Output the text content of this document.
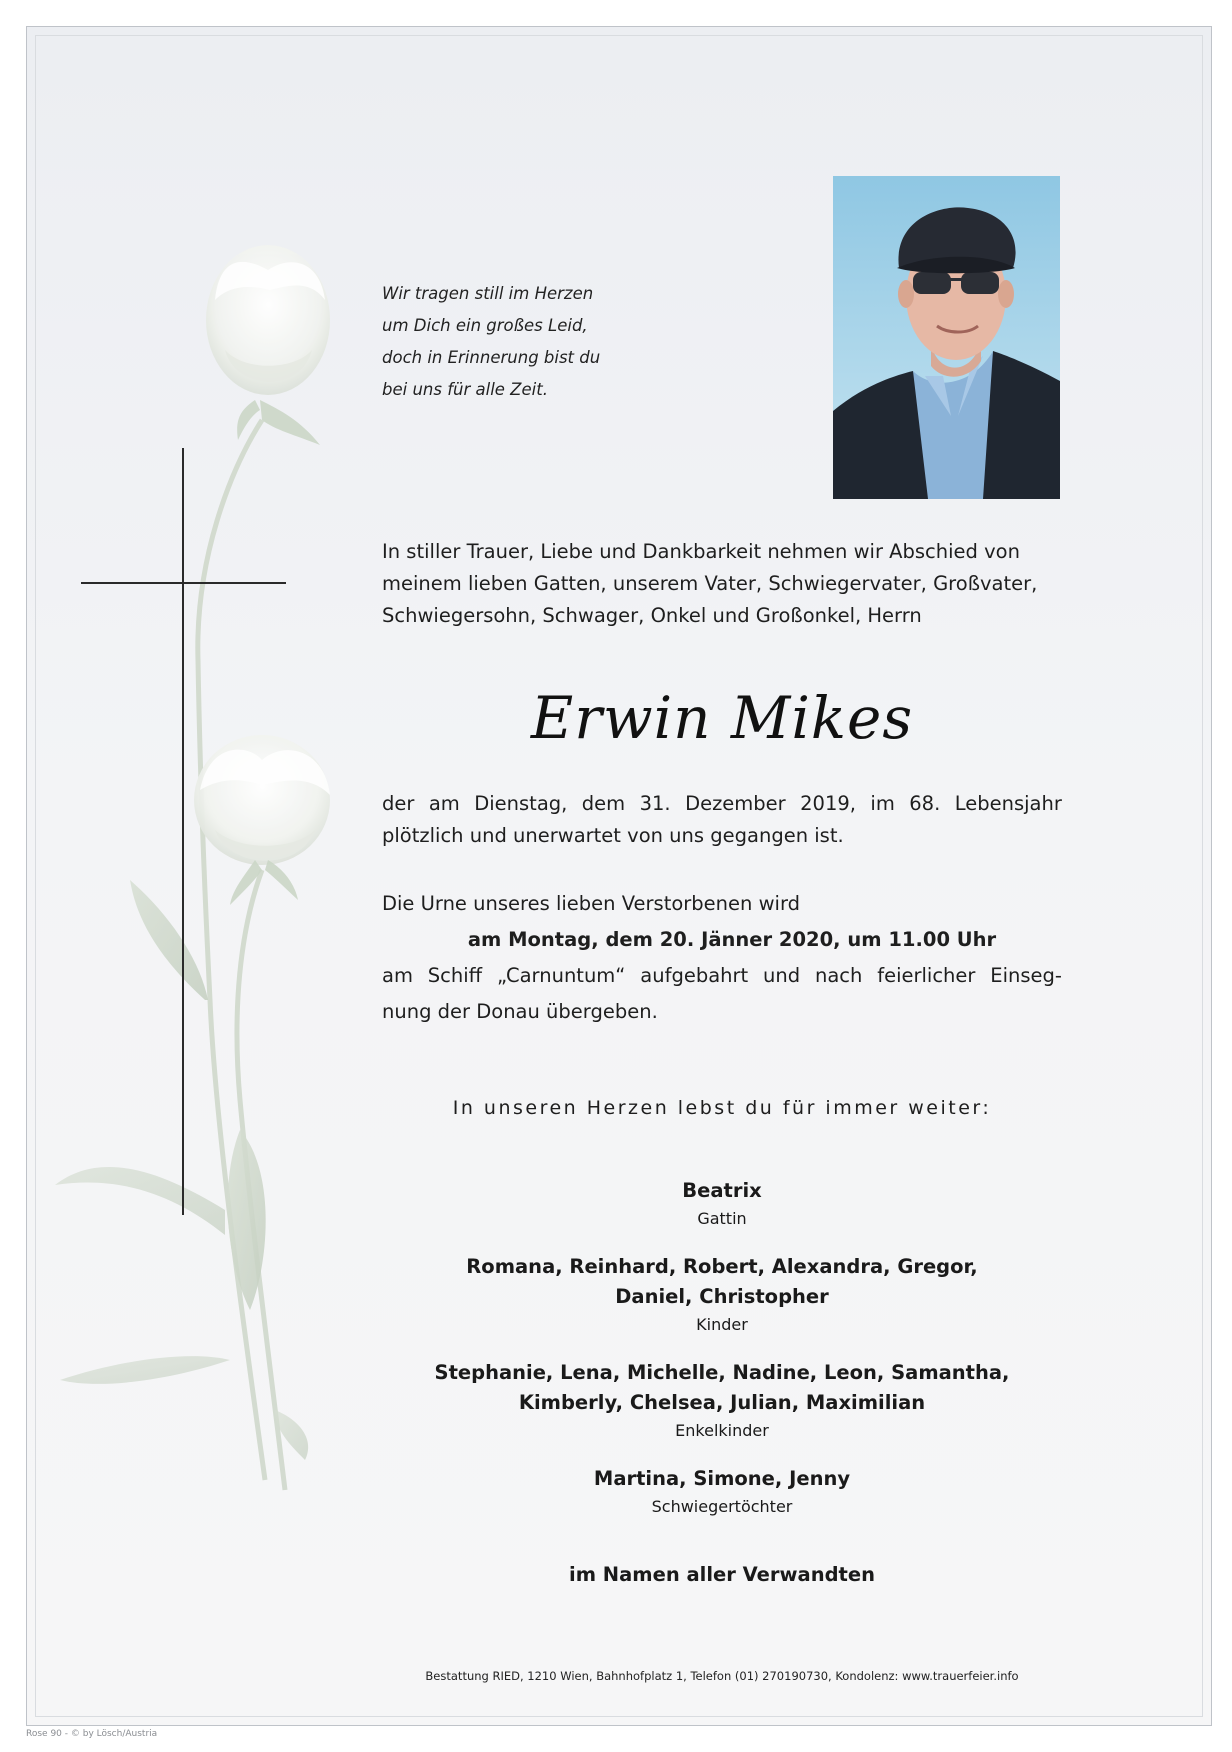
Wir tragen still im Herzen
um Dich ein großes Leid,
doch in Erinnerung bist du
bei uns für alle Zeit.
In stiller Trauer, Liebe und Dankbarkeit nehmen wir Abschied von
meinem lieben Gatten, unserem Vater, Schwiegervater, Großvater,
Schwiegersohn, Schwager, Onkel und Großonkel, Herrn
Erwin Mikes
der am Dienstag, dem 31. Dezember 2019, im 68. Lebensjahr
plötzlich und unerwartet von uns gegangen ist.
Die Urne unseres lieben Verstorbenen wird
am Montag, dem 20. Jänner 2020, um 11.00 Uhr
am Schiff „Carnuntum“ aufgebahrt und nach feierlicher Einseg-
nung der Donau übergeben.
In unseren Herzen lebst du für immer weiter:
Beatrix
Gattin
Romana, Reinhard, Robert, Alexandra, Gregor,
Daniel, Christopher
Kinder
Stephanie, Lena, Michelle, Nadine, Leon, Samantha,
Kimberly, Chelsea, Julian, Maximilian
Enkelkinder
Martina, Simone, Jenny
Schwiegertöchter
im Namen aller Verwandten
Bestattung RIED, 1210 Wien, Bahnhofplatz 1, Telefon (01) 270190730, Kondolenz: www.trauerfeier.info
Rose 90 - © by Lösch/Austria
